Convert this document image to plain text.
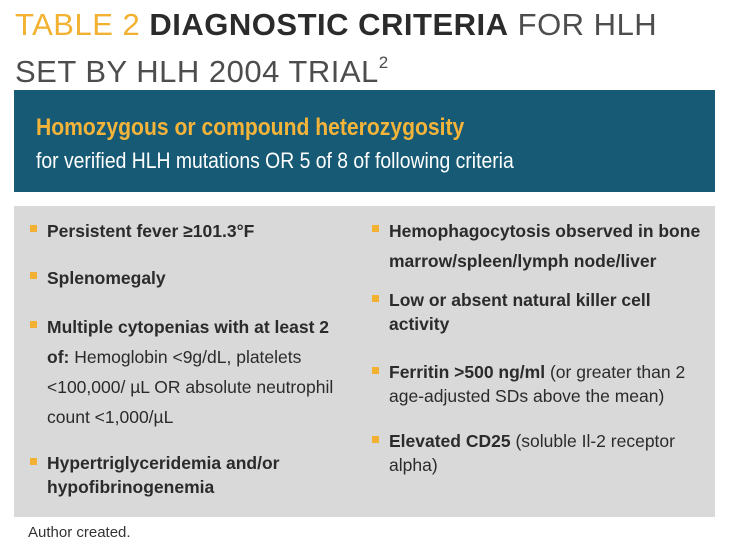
TABLE 2 DIAGNOSTIC CRITERIA FOR HLH
SET BY HLH 2004 TRIAL$^2$
Homozygous or compound heterozygosity
for verified HLH mutations OR 5 of 8 of following criteria
Persistent fever ≥101.3°F
Splenomegaly
Multiple cytopenias with at least 2 of: Hemoglobin <9g/dL, platelets <100,000/ µL OR absolute neutrophil count <1,000/µL
Hypertriglyceridemia and/or hypofibrinogenemia
Hemophagocytosis observed in bone marrow/spleen/lymph node/liver
Low or absent natural killer cell activity
Ferritin >500 ng/ml (or greater than 2 age-adjusted SDs above the mean)
Elevated CD25 (soluble Il-2 receptor alpha)
Author created.
